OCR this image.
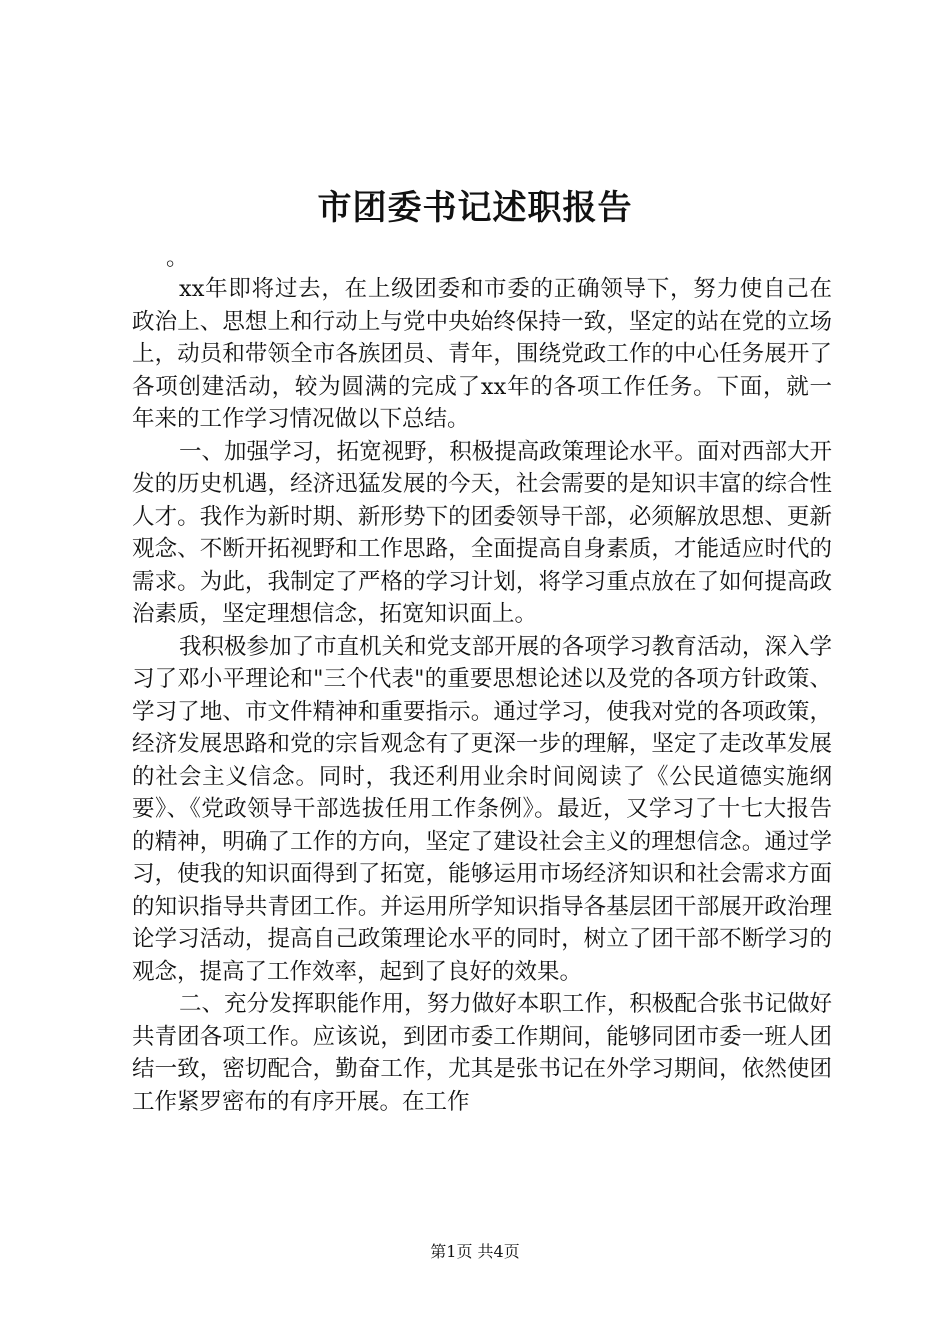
市团委书记述职报告

。

xx年即将过去，在上级团委和市委的正确领导下，努力使自己在政治上、思想上和行动上与党中央始终保持一致，坚定的站在党的立场上，动员和带领全市各族团员、青年，围绕党政工作的中心任务展开了各项创建活动，较为圆满的完成了xx年的各项工作任务。下面，就一年来的工作学习情况做以下总结。

一、加强学习，拓宽视野，积极提高政策理论水平。面对西部大开发的历史机遇，经济迅猛发展的今天，社会需要的是知识丰富的综合性人才。我作为新时期、新形势下的团委领导干部，必须解放思想、更新观念、不断开拓视野和工作思路，全面提高自身素质，才能适应时代的需求。为此，我制定了严格的学习计划，将学习重点放在了如何提高政治素质，坚定理想信念，拓宽知识面上。

我积极参加了市直机关和党支部开展的各项学习教育活动，深入学习了邓小平理论和"三个代表"的重要思想论述以及党的各项方针政策、学习了地、市文件精神和重要指示。通过学习，使我对党的各项政策，经济发展思路和党的宗旨观念有了更深一步的理解，坚定了走改革发展的社会主义信念。同时，我还利用业余时间阅读了《公民道德实施纲要》、《党政领导干部选拔任用工作条例》。最近，又学习了十七大报告的精神，明确了工作的方向，坚定了建设社会主义的理想信念。通过学习，使我的知识面得到了拓宽，能够运用市场经济知识和社会需求方面的知识指导共青团工作。并运用所学知识指导各基层团干部展开政治理论学习活动，提高自己政策理论水平的同时，树立了团干部不断学习的观念，提高了工作效率，起到了良好的效果。

二、充分发挥职能作用，努力做好本职工作，积极配合张书记做好共青团各项工作。应该说，到团市委工作期间，能够同团市委一班人团结一致，密切配合，勤奋工作，尤其是张书记在外学习期间，依然使团工作紧罗密布的有序开展。在工作

第1页 共4页
